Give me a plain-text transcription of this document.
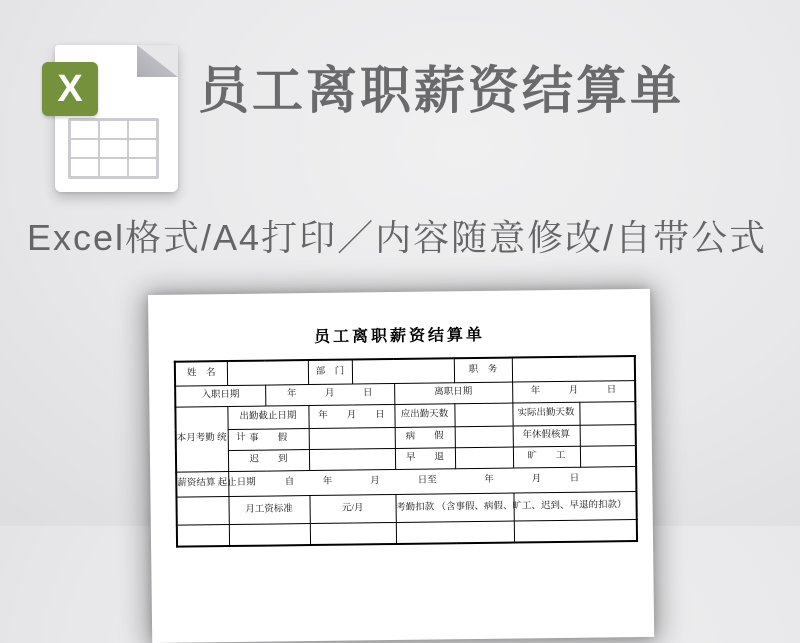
X	员工离职薪资结算单
Excel格式/A4打印／内容随意修改/自带公式
员工离职薪资结算单
姓　名			部　门			职　务		
入职日期		年　　　月　　　日			离职日期		年　　　月　　　日	
本月考勤 统　计	出勤截止日期		年　　月　　日		应出勤天数		实际出勤天数	
	事　　假				病　　假		年休假核算	
	迟　　到				早　　退		旷　　工	
薪资结算 起止日期	自　　　年　　　　月　　　　日至　　　　　年　　　　月　　　日							
	月工资标准		元/月		考勤扣款 （含事假、病假、旷工、迟到、早退的扣款）			
